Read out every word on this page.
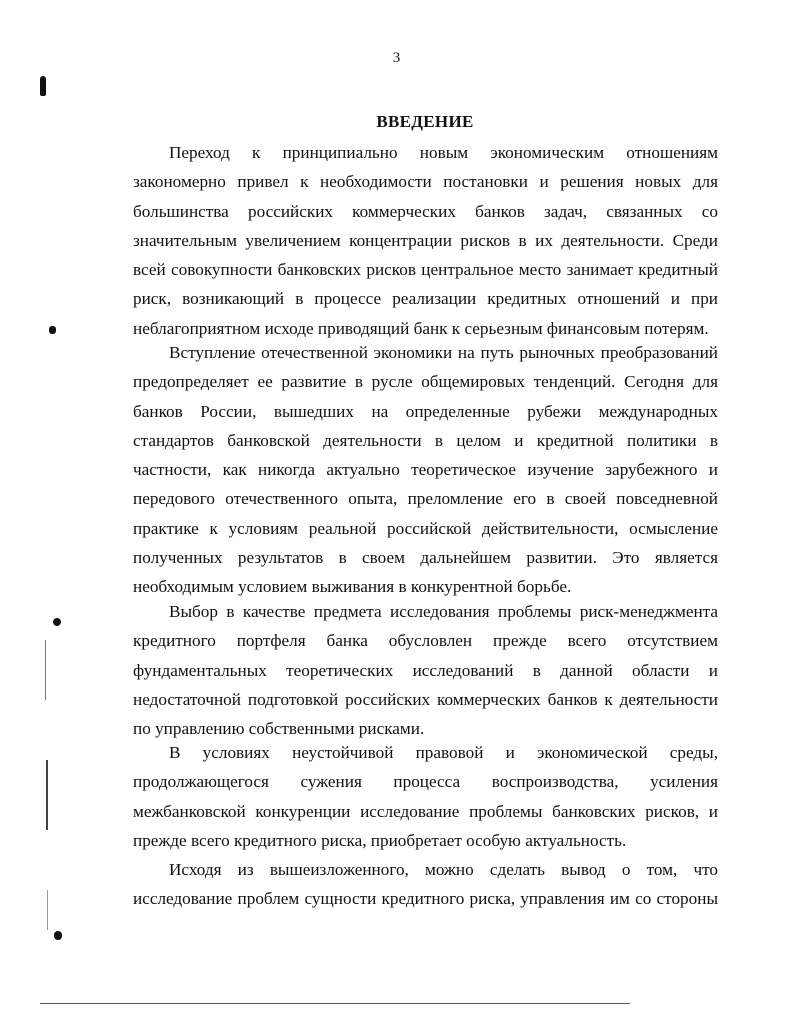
3
ВВЕДЕНИЕ

Переход к принципиально новым экономическим отношениям закономерно привел к необходимости постановки и решения новых для большинства российских коммерческих банков задач, связанных со значительным увеличением концентрации рисков в их деятельности. Среди всей совокупности банковских рисков центральное место занимает кредитный риск, возникающий в процессе реализации кредитных отношений и при неблагоприятном исходе приводящий банк к серьезным финансовым потерям.

Вступление отечественной экономики на путь рыночных преобразований предопределяет ее развитие в русле общемировых тенденций. Сегодня для банков России, вышедших на определенные рубежи международных стандартов банковской деятельности в целом и кредитной политики в частности, как никогда актуально теоретическое изучение зарубежного и передового отечественного опыта, преломление его в своей повседневной практике к условиям реальной российской действительности, осмысление полученных результатов в своем дальнейшем развитии. Это является необходимым условием выживания в конкурентной борьбе.

Выбор в качестве предмета исследования проблемы риск-менеджмента кредитного портфеля банка обусловлен прежде всего отсутствием фундаментальных теоретических исследований в данной области и недостаточной подготовкой российских коммерческих банков к деятельности по управлению собственными рисками.

В условиях неустойчивой правовой и экономической среды, продолжающегося сужения процесса воспроизводства, усиления межбанковской конкуренции исследование проблемы банковских рисков, и прежде всего кредитного риска, приобретает особую актуальность.

Исходя из вышеизложенного, можно сделать вывод о том, что исследование проблем сущности кредитного риска, управления им со стороны
